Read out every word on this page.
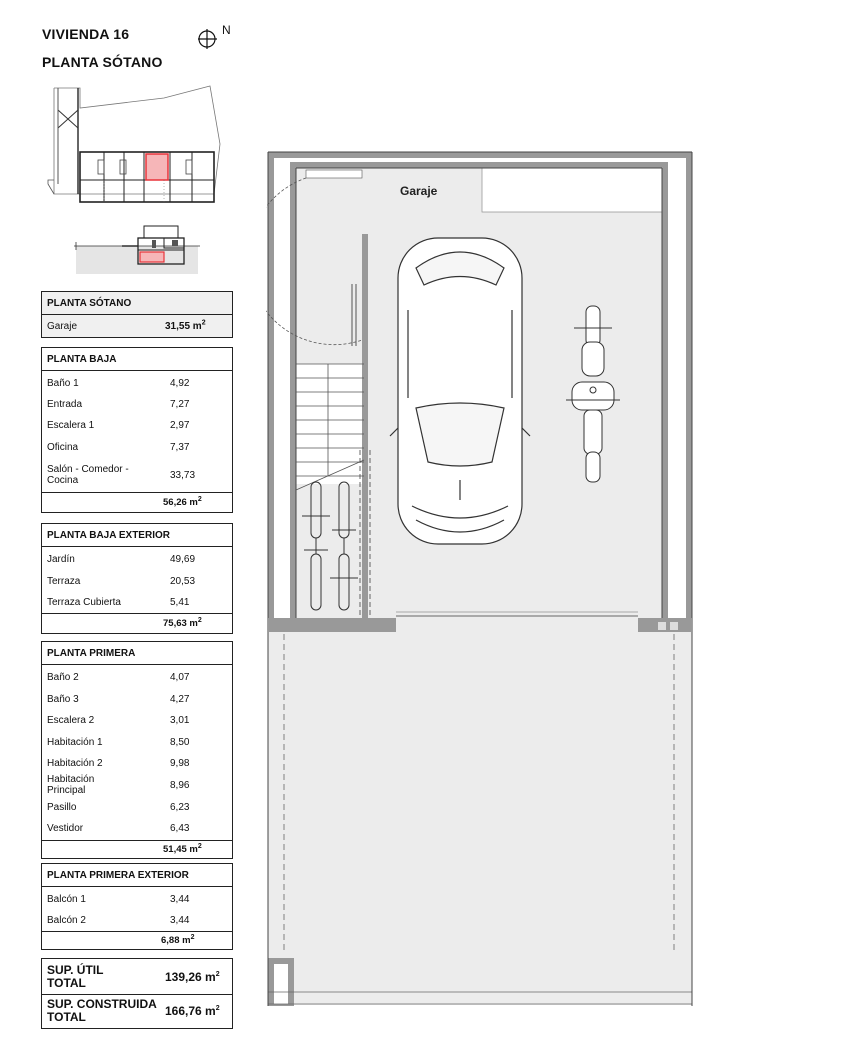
VIVIENDA 16
PLANTA SÓTANO
N
PLANTA SÓTANO
Garaje	31,55 $m^2$
PLANTA BAJA
Baño 1	4,92
Entrada	7,27
Escalera 1	2,97
Oficina	7,37
Salón - Comedor - Cocina	33,73
56,26 $m^2$
PLANTA BAJA EXTERIOR
Jardín	49,69
Terraza	20,53
Terraza Cubierta	5,41
75,63 $m^2$
PLANTA PRIMERA
Baño 2	4,07
Baño 3	4,27
Escalera 2	3,01
Habitación 1	8,50
Habitación 2	9,98
Habitación Principal	8,96
Pasillo	6,23
Vestidor	6,43
51,45 $m^2$
PLANTA PRIMERA EXTERIOR
Balcón 1	3,44
Balcón 2	3,44
6,88 $m^2$
SUP. ÚTIL TOTAL	139,26 $m^2$
SUP. CONSTRUIDA TOTAL	166,76 $m^2$
Garaje
